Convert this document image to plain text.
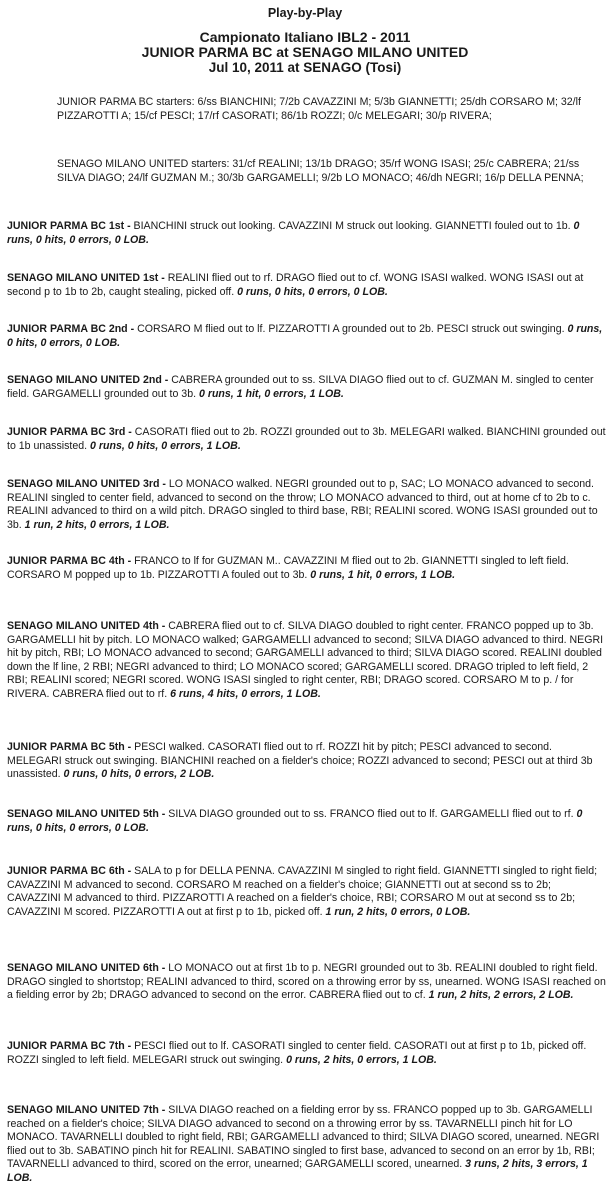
Play-by-Play
Campionato Italiano IBL2 - 2011
JUNIOR PARMA BC at SENAGO MILANO UNITED
Jul 10, 2011 at SENAGO (Tosi)
JUNIOR PARMA BC starters: 6/ss BIANCHINI; 7/2b CAVAZZINI M; 5/3b GIANNETTI; 25/dh CORSARO M; 32/lf PIZZAROTTI A; 15/cf PESCI; 17/rf CASORATI; 86/1b ROZZI; 0/c MELEGARI; 30/p RIVERA;
SENAGO MILANO UNITED starters: 31/cf REALINI; 13/1b DRAGO; 35/rf WONG ISASI; 25/c CABRERA; 21/ss SILVA DIAGO; 24/lf GUZMAN M.; 30/3b GARGAMELLI; 9/2b LO MONACO; 46/dh NEGRI; 16/p DELLA PENNA;
JUNIOR PARMA BC 1st - BIANCHINI struck out looking. CAVAZZINI M struck out looking. GIANNETTI fouled out to 1b. 0 runs, 0 hits, 0 errors, 0 LOB.
SENAGO MILANO UNITED 1st - REALINI flied out to rf. DRAGO flied out to cf. WONG ISASI walked. WONG ISASI out at second p to 1b to 2b, caught stealing, picked off. 0 runs, 0 hits, 0 errors, 0 LOB.
JUNIOR PARMA BC 2nd - CORSARO M flied out to lf. PIZZAROTTI A grounded out to 2b. PESCI struck out swinging. 0 runs, 0 hits, 0 errors, 0 LOB.
SENAGO MILANO UNITED 2nd - CABRERA grounded out to ss. SILVA DIAGO flied out to cf. GUZMAN M. singled to center field. GARGAMELLI grounded out to 3b. 0 runs, 1 hit, 0 errors, 1 LOB.
JUNIOR PARMA BC 3rd - CASORATI flied out to 2b. ROZZI grounded out to 3b. MELEGARI walked. BIANCHINI grounded out to 1b unassisted. 0 runs, 0 hits, 0 errors, 1 LOB.
SENAGO MILANO UNITED 3rd - LO MONACO walked. NEGRI grounded out to p, SAC; LO MONACO advanced to second. REALINI singled to center field, advanced to second on the throw; LO MONACO advanced to third, out at home cf to 2b to c. REALINI advanced to third on a wild pitch. DRAGO singled to third base, RBI; REALINI scored. WONG ISASI grounded out to 3b. 1 run, 2 hits, 0 errors, 1 LOB.
JUNIOR PARMA BC 4th - FRANCO to lf for GUZMAN M.. CAVAZZINI M flied out to 2b. GIANNETTI singled to left field. CORSARO M popped up to 1b. PIZZAROTTI A fouled out to 3b. 0 runs, 1 hit, 0 errors, 1 LOB.
SENAGO MILANO UNITED 4th - CABRERA flied out to cf. SILVA DIAGO doubled to right center. FRANCO popped up to 3b. GARGAMELLI hit by pitch. LO MONACO walked; GARGAMELLI advanced to second; SILVA DIAGO advanced to third. NEGRI hit by pitch, RBI; LO MONACO advanced to second; GARGAMELLI advanced to third; SILVA DIAGO scored. REALINI doubled down the lf line, 2 RBI; NEGRI advanced to third; LO MONACO scored; GARGAMELLI scored. DRAGO tripled to left field, 2 RBI; REALINI scored; NEGRI scored. WONG ISASI singled to right center, RBI; DRAGO scored. CORSARO M to p. / for RIVERA. CABRERA flied out to rf. 6 runs, 4 hits, 0 errors, 1 LOB.
JUNIOR PARMA BC 5th - PESCI walked. CASORATI flied out to rf. ROZZI hit by pitch; PESCI advanced to second. MELEGARI struck out swinging. BIANCHINI reached on a fielder's choice; ROZZI advanced to second; PESCI out at third 3b unassisted. 0 runs, 0 hits, 0 errors, 2 LOB.
SENAGO MILANO UNITED 5th - SILVA DIAGO grounded out to ss. FRANCO flied out to lf. GARGAMELLI flied out to rf. 0 runs, 0 hits, 0 errors, 0 LOB.
JUNIOR PARMA BC 6th - SALA to p for DELLA PENNA. CAVAZZINI M singled to right field. GIANNETTI singled to right field; CAVAZZINI M advanced to second. CORSARO M reached on a fielder's choice; GIANNETTI out at second ss to 2b; CAVAZZINI M advanced to third. PIZZAROTTI A reached on a fielder's choice, RBI; CORSARO M out at second ss to 2b; CAVAZZINI M scored. PIZZAROTTI A out at first p to 1b, picked off. 1 run, 2 hits, 0 errors, 0 LOB.
SENAGO MILANO UNITED 6th - LO MONACO out at first 1b to p. NEGRI grounded out to 3b. REALINI doubled to right field. DRAGO singled to shortstop; REALINI advanced to third, scored on a throwing error by ss, unearned. WONG ISASI reached on a fielding error by 2b; DRAGO advanced to second on the error. CABRERA flied out to cf. 1 run, 2 hits, 2 errors, 2 LOB.
JUNIOR PARMA BC 7th - PESCI flied out to lf. CASORATI singled to center field. CASORATI out at first p to 1b, picked off. ROZZI singled to left field. MELEGARI struck out swinging. 0 runs, 2 hits, 0 errors, 1 LOB.
SENAGO MILANO UNITED 7th - SILVA DIAGO reached on a fielding error by ss. FRANCO popped up to 3b. GARGAMELLI reached on a fielder's choice; SILVA DIAGO advanced to second on a throwing error by ss. TAVARNELLI pinch hit for LO MONACO. TAVARNELLI doubled to right field, RBI; GARGAMELLI advanced to third; SILVA DIAGO scored, unearned. NEGRI flied out to 3b. SABATINO pinch hit for REALINI. SABATINO singled to first base, advanced to second on an error by 1b, RBI; TAVARNELLI advanced to third, scored on the error, unearned; GARGAMELLI scored, unearned. 3 runs, 2 hits, 3 errors, 1 LOB.
